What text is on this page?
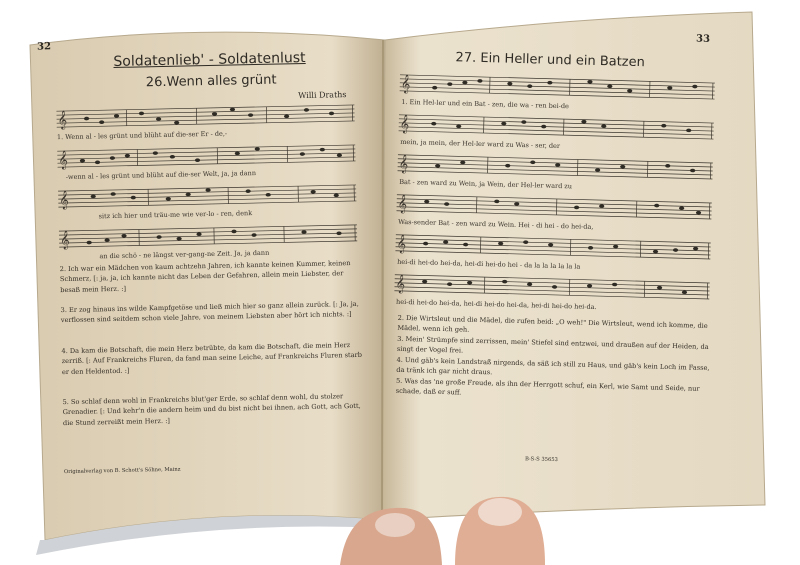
32
Soldatenlieb' - Soldatenlust
26.Wenn alles grünt
Willi Draths
𝄞
1. Wenn al - les grünt und blüht auf die-ser Er - de,-
𝄞
-wenn al - les grünt und blüht auf die-ser Welt, ja, ja dann
𝄞
sitz ich hier und träu-me wie ver-lo - ren, denk
𝄞
an die schö - ne längst ver-gang-ne Zeit. Ja, ja dann
2. Ich war ein Mädchen von kaum achtzehn Jahren, ich kannte keinen Kummer, keinen Schmerz, [: ja, ja, ich kannte nicht das Leben der Gefahren, allein mein Liebster, der besaß mein Herz. :]
3. Er zog hinaus ins wilde Kampfgetöse und ließ mich hier so ganz allein zurück. [: Ja, ja, verflossen sind seitdem schon viele Jahre, von meinem Liebsten aber hört ich nichts. :]
4. Da kam die Botschaft, die mein Herz betrübte, da kam die Botschaft, die mein Herz zerriß. [: Auf Frankreichs Fluren, da fand man seine Leiche, auf Frankreichs Fluren starb er den Heldentod. :]
5. So schlaf denn wohl in Frankreichs blut'ger Erde, so schlaf denn wohl, du stolzer Grenadier. [: Und kehr'n die andern heim und du bist nicht bei ihnen, ach Gott, ach Gott, die Stund zerreißt mein Herz. :]
Originalverlag von B. Schott's Söhne, Mainz
33
27. Ein Heller und ein Batzen
𝄞
1. Ein Hel-ler und ein Bat - zen, die wa - ren bei-de
𝄞
mein, ja mein, der Hel-ler ward zu Was - ser, der
𝄞
Bat - zen ward zu Wein, ja Wein, der Hel-ler ward zu
𝄞
Was-sender Bat - zen ward zu Wein. Hei - di hei - do hei-da,
𝄞
hei-di hei-do hei-da, hei-di hei-do hei - da la la la la la la
𝄞
hei-di hei-do hei-da, hei-di hei-do hei-da, hei-di hei-do hei-da.
2. Die Wirtsleut und die Mädel, die rufen beid: „O weh!" Die Wirtsleut, wend ich komme, die Mädel, wenn ich geh.
3. Mein' Strümpfe sind zerrissen, mein' Stiefel sind entzwei, und draußen auf der Heiden, da singt der Vogel frei.
4. Und gäb's kein Landstraß nirgends, da säß ich still zu Haus, und gäb's kein Loch im Fasse, da tränk ich gar nicht draus.
5. Was das 'ne große Freude, als ihn der Herrgott schuf, ein Kerl, wie Samt und Seide, nur schade, daß er suff.
B-S-S 35653
